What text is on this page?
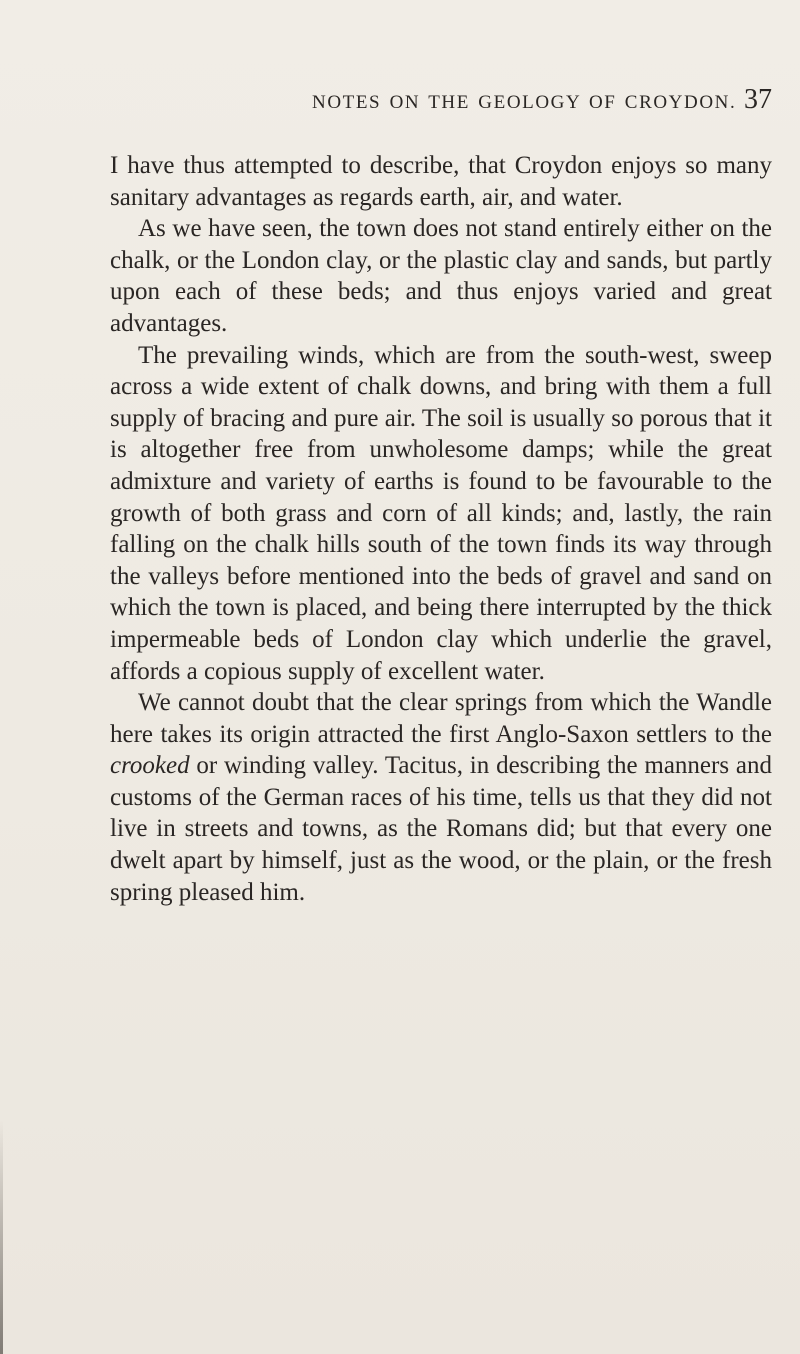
NOTES ON THE GEOLOGY OF CROYDON. 37

I have thus attempted to describe, that Croydon enjoys so many sanitary advantages as regards earth, air, and water.

As we have seen, the town does not stand entirely either on the chalk, or the London clay, or the plastic clay and sands, but partly upon each of these beds; and thus enjoys varied and great advantages.

The prevailing winds, which are from the south-west, sweep across a wide extent of chalk downs, and bring with them a full supply of bracing and pure air. The soil is usually so porous that it is altogether free from unwholesome damps; while the great admixture and variety of earths is found to be favourable to the growth of both grass and corn of all kinds; and, lastly, the rain falling on the chalk hills south of the town finds its way through the valleys before mentioned into the beds of gravel and sand on which the town is placed, and being there interrupted by the thick impermeable beds of London clay which underlie the gravel, affords a copious supply of excellent water.

We cannot doubt that the clear springs from which the Wandle here takes its origin attracted the first Anglo-Saxon settlers to the crooked or winding valley. Tacitus, in describing the manners and customs of the German races of his time, tells us that they did not live in streets and towns, as the Romans did; but that every one dwelt apart by himself, just as the wood, or the plain, or the fresh spring pleased him.
